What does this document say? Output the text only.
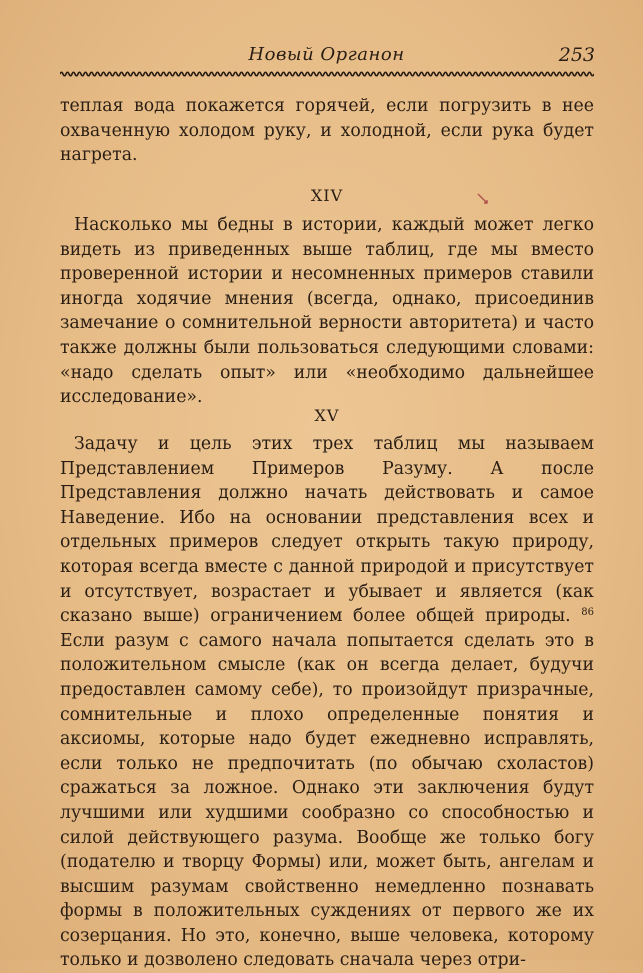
Новый Органон	253

теплая вода покажется горячей, если погрузить в нее охваченную холодом руку, и холодной, если рука будет нагрета.

XIV

Насколько мы бедны в истории, каждый может легко видеть из приведенных выше таблиц, где мы вместо проверенной истории и несомненных примеров ставили иногда ходячие мнения (всегда, однако, присоединив замечание о сомнительной верности авторитета) и часто также должны были пользоваться следующими словами: «надо сделать опыт» или «необходимо дальнейшее исследование».

XV

Задачу и цель этих трех таблиц мы называем Представлением Примеров Разуму. А после Представления должно начать действовать и самое Наведение. Ибо на основании представления всех и отдельных примеров следует открыть такую природу, которая всегда вместе с данной природой и присутствует и отсутствует, возрастает и убывает и является (как сказано выше) ограничением более общей природы. $^{86}$ Если разум с самого начала попытается сделать это в положительном смысле (как он всегда делает, будучи предоставлен самому себе), то произойдут призрачные, сомнительные и плохо определенные понятия и аксиомы, которые надо будет ежедневно исправлять, если только не предпочитать (по обычаю схоластов) сражаться за ложное. Однако эти заключения будут лучшими или худшими сообразно со способностью и силой действующего разума. Вообще же только богу (подателю и творцу Формы) или, может быть, ангелам и высшим разумам свойственно немедленно познавать формы в положительных суждениях от первого же их созерцания. Но это, конечно, выше человека, которому только и дозволено следовать сначала через отри-
